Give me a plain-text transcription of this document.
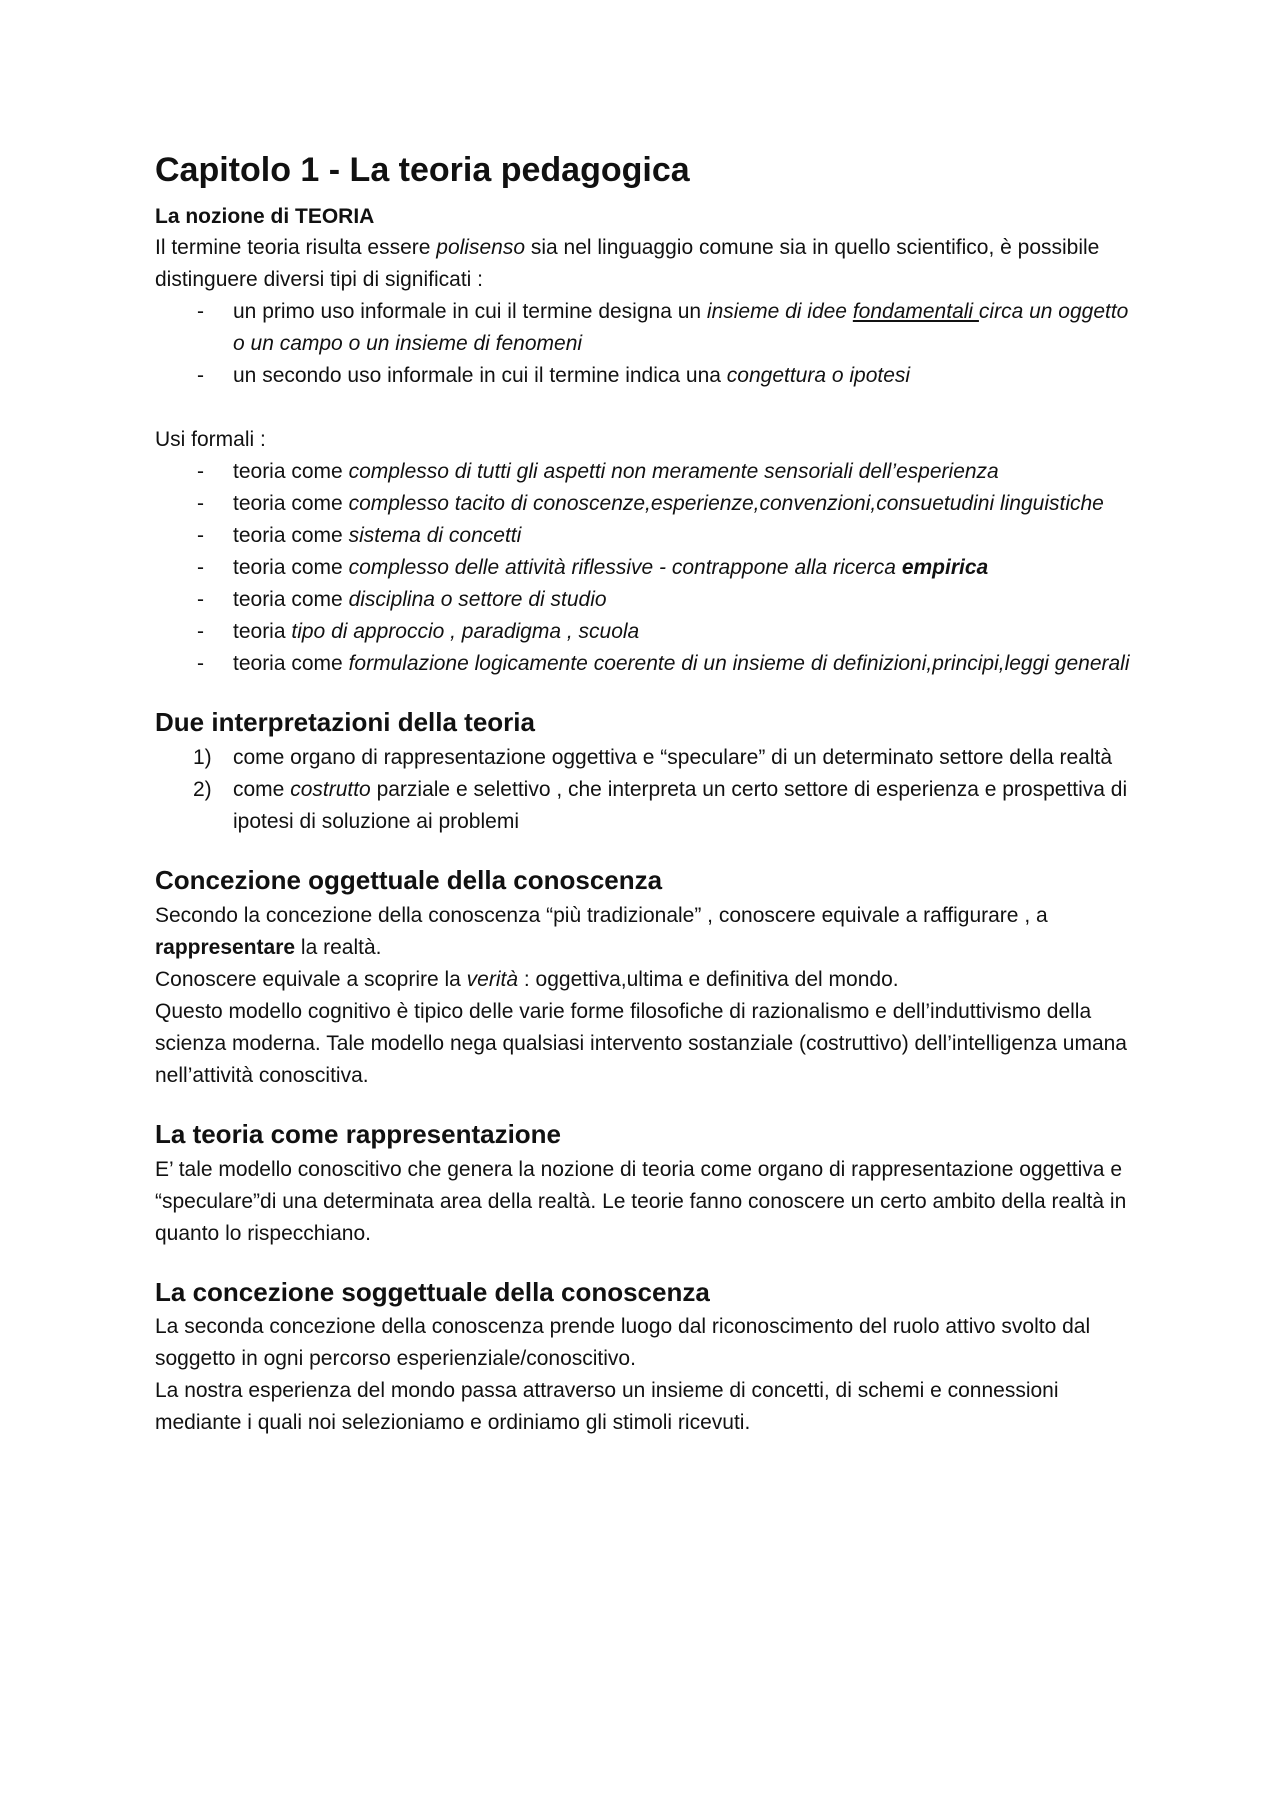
Capitolo 1 - La teoria pedagogica
La nozione di TEORIA

Il termine teoria risulta essere polisenso sia nel linguaggio comune sia in quello scientifico, è possibile distinguere diversi tipi di significati :

- un primo uso informale in cui il termine designa un insieme di idee fondamentali circa un oggetto o un campo o un insieme di fenomeni
- un secondo uso informale in cui il termine indica una congettura o ipotesi

Usi formali :

- teoria come complesso di tutti gli aspetti non meramente sensoriali dell’esperienza
- teoria come complesso tacito di conoscenze,esperienze,convenzioni,consuetudini linguistiche
- teoria come sistema di concetti
- teoria come complesso delle attività riflessive - contrappone alla ricerca empirica
- teoria come disciplina o settore di studio
- teoria tipo di approccio , paradigma , scuola
- teoria come formulazione logicamente coerente di un insieme di definizioni,principi,leggi generali
Due interpretazioni della teoria
1) come organo di rappresentazione oggettiva e “speculare” di un determinato settore della realtà
2) come costrutto parziale e selettivo , che interpreta un certo settore di esperienza e prospettiva di ipotesi di soluzione ai problemi
Concezione oggettuale della conoscenza

Secondo la concezione della conoscenza “più tradizionale” , conoscere equivale a raffigurare , a rappresentare la realtà.

Conoscere equivale a scoprire la verità : oggettiva,ultima e definitiva del mondo.

Questo modello cognitivo è tipico delle varie forme filosofiche di razionalismo e dell’induttivismo della scienza moderna. Tale modello nega qualsiasi intervento sostanziale (costruttivo) dell’intelligenza umana nell’attività conoscitiva.

La teoria come rappresentazione

E’ tale modello conoscitivo che genera la nozione di teoria come organo di rappresentazione oggettiva e “speculare”di una determinata area della realtà. Le teorie fanno conoscere un certo ambito della realtà in quanto lo rispecchiano.

La concezione soggettuale della conoscenza

La seconda concezione della conoscenza prende luogo dal riconoscimento del ruolo attivo svolto dal soggetto in ogni percorso esperienziale/conoscitivo.

La nostra esperienza del mondo passa attraverso un insieme di concetti, di schemi e connessioni mediante i quali noi selezioniamo e ordiniamo gli stimoli ricevuti.
